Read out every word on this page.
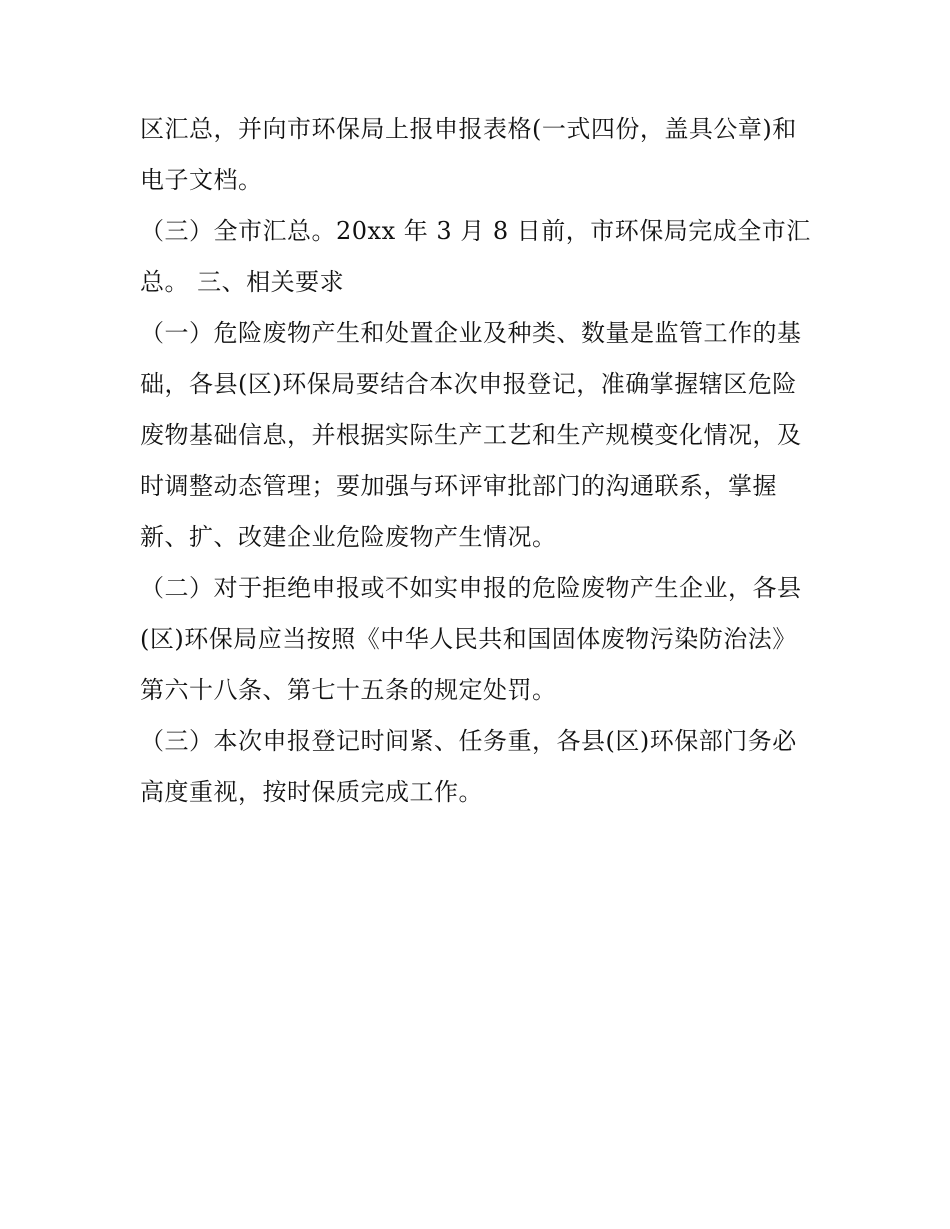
区汇总，并向市环保局上报申报表格(一式四份，盖具公章)和
电子文档。
（三）全市汇总。20xx 年 3 月 8 日前，市环保局完成全市汇
总。 三、相关要求
（一）危险废物产生和处置企业及种类、数量是监管工作的基
础，各县(区)环保局要结合本次申报登记，准确掌握辖区危险
废物基础信息，并根据实际生产工艺和生产规模变化情况，及
时调整动态管理；要加强与环评审批部门的沟通联系，掌握
新、扩、改建企业危险废物产生情况。
（二）对于拒绝申报或不如实申报的危险废物产生企业，各县
(区)环保局应当按照《中华人民共和国固体废物污染防治法》
第六十八条、第七十五条的规定处罚。
（三）本次申报登记时间紧、任务重，各县(区)环保部门务必
高度重视，按时保质完成工作。
